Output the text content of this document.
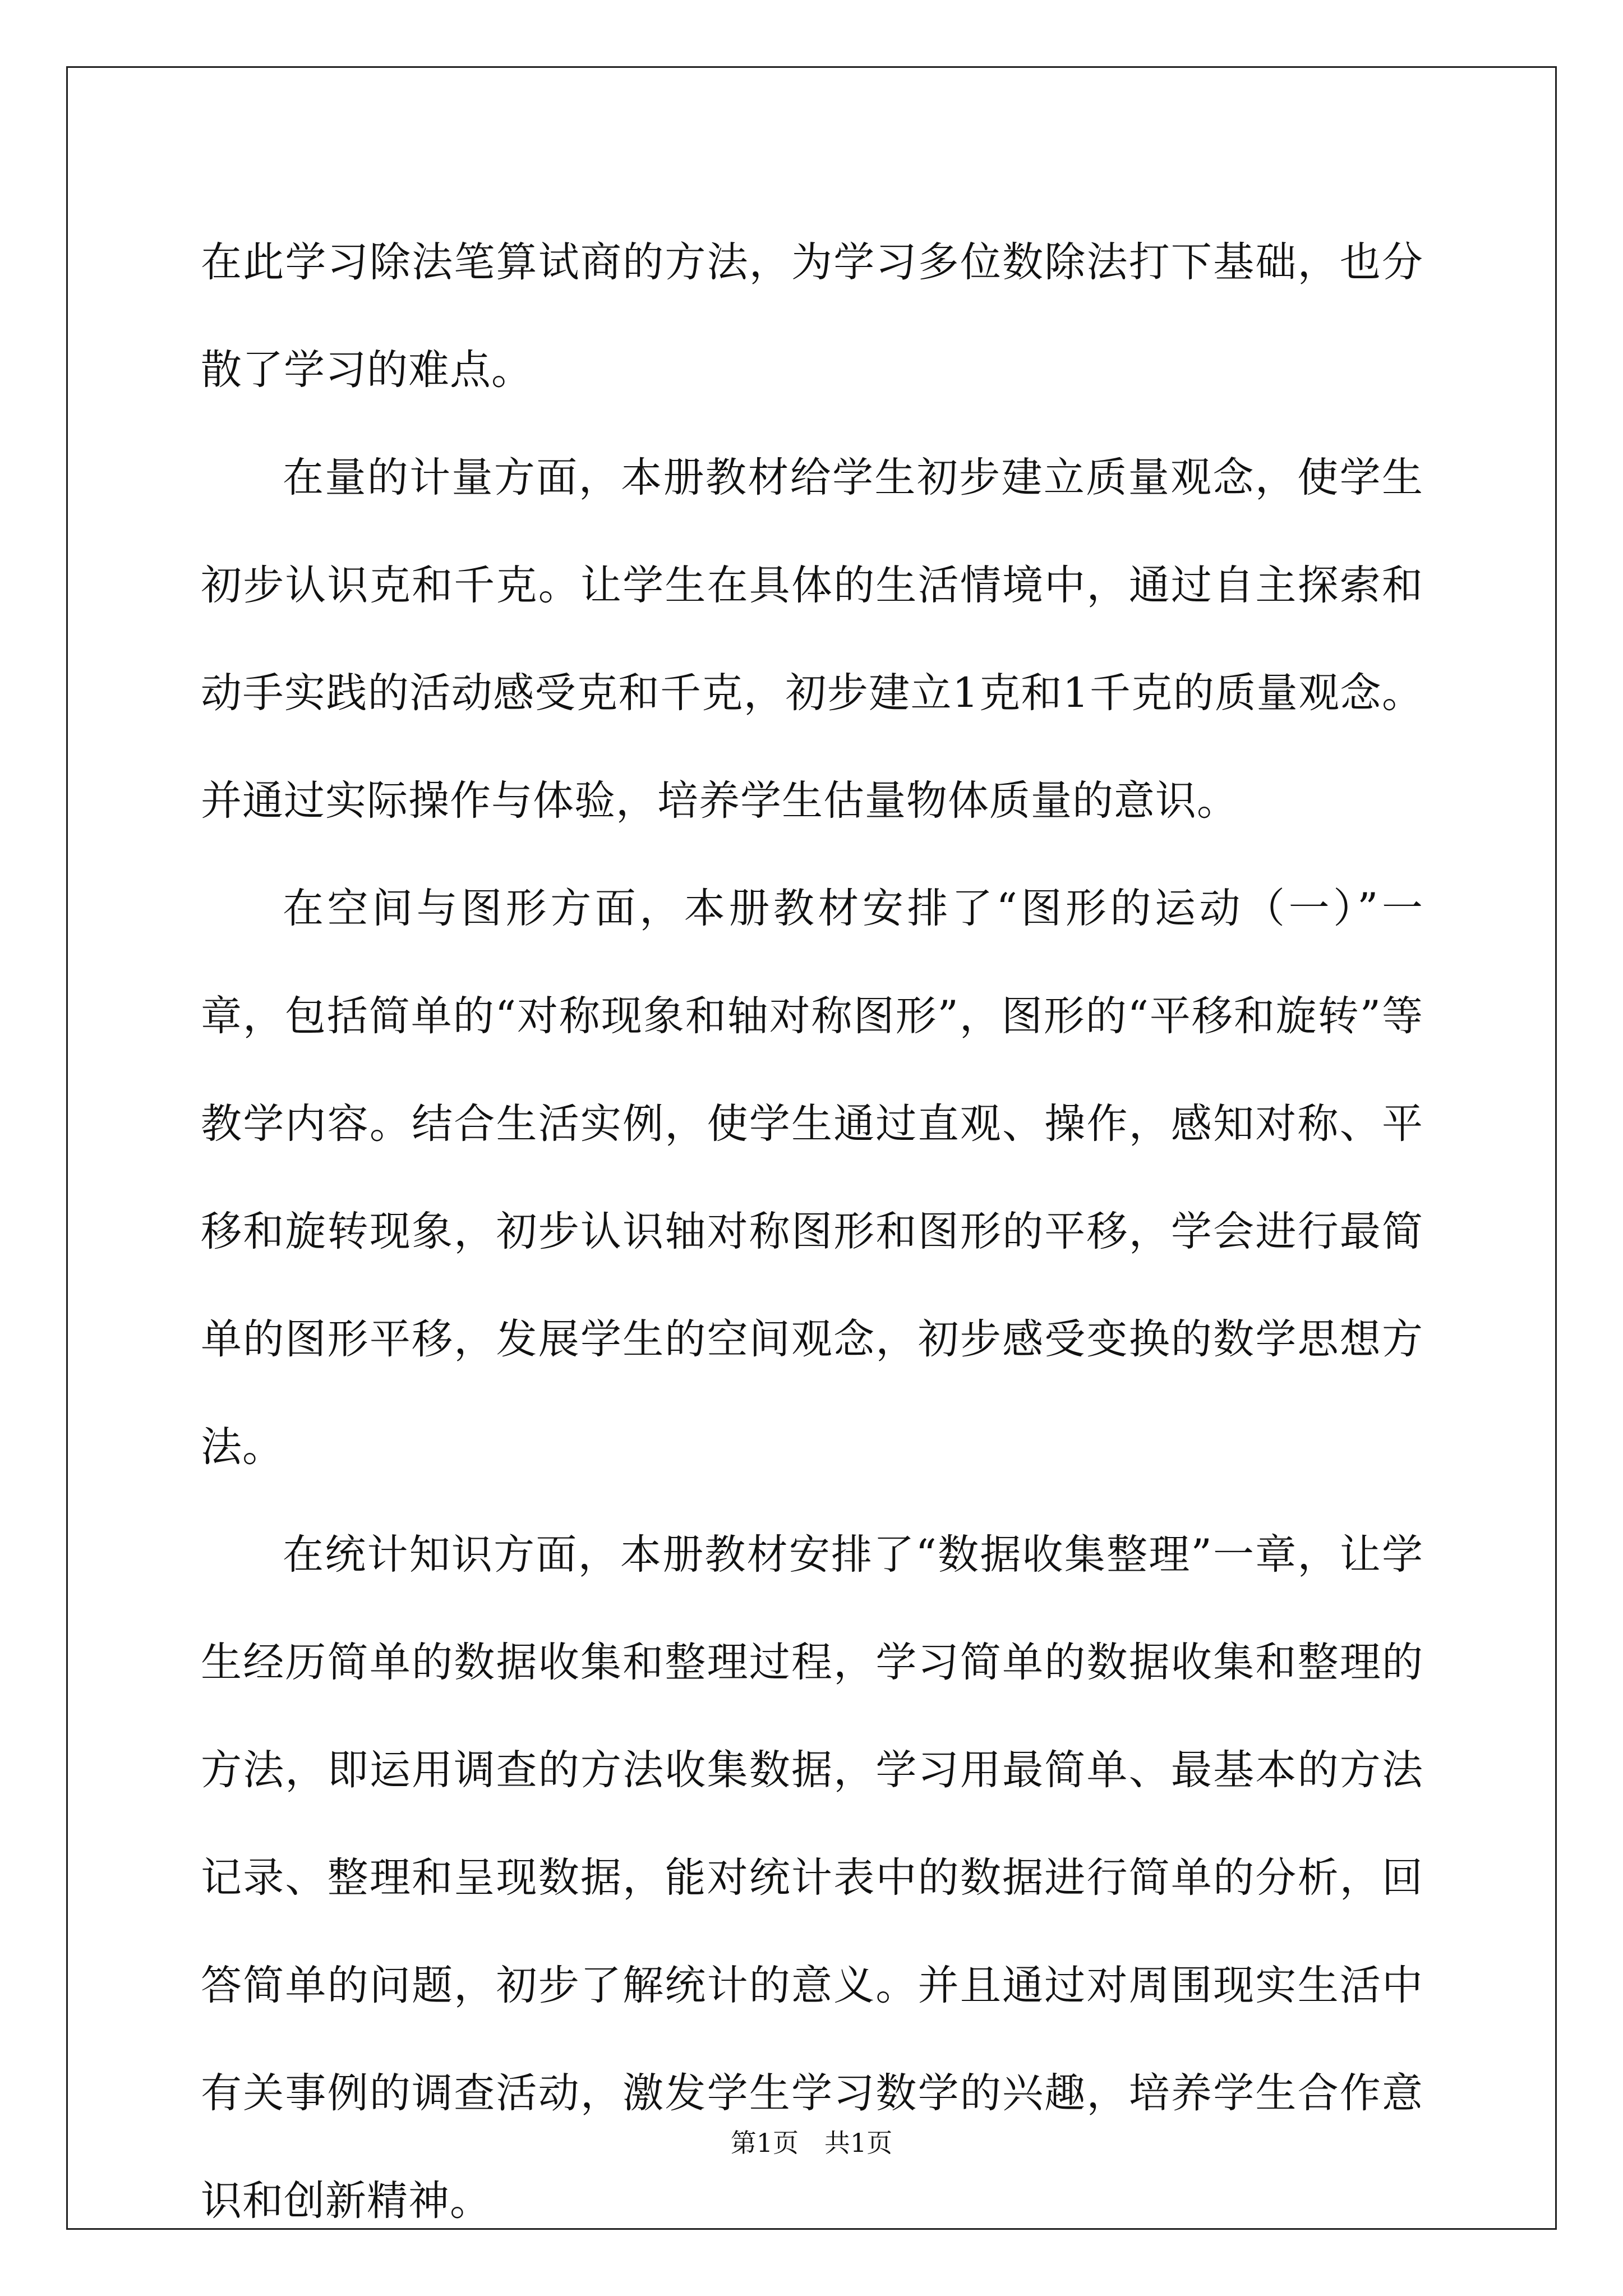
在此学习除法笔算试商的方法，为学习多位数除法打下基础，也分散了学习的难点。

在量的计量方面，本册教材给学生初步建立质量观念，使学生初步认识克和千克。让学生在具体的生活情境中，通过自主探索和动手实践的活动感受克和千克，初步建立1克和1千克的质量观念。并通过实际操作与体验，培养学生估量物体质量的意识。

在空间与图形方面，本册教材安排了“图形的运动（一）”一章，包括简单的“对称现象和轴对称图形”，图形的“平移和旋转”等教学内容。结合生活实例，使学生通过直观、操作，感知对称、平移和旋转现象，初步认识轴对称图形和图形的平移，学会进行最简单的图形平移，发展学生的空间观念，初步感受变换的数学思想方法。

在统计知识方面，本册教材安排了“数据收集整理”一章，让学生经历简单的数据收集和整理过程，学习简单的数据收集和整理的方法，即运用调查的方法收集数据，学习用最简单、最基本的方法记录、整理和呈现数据，能对统计表中的数据进行简单的分析，回答简单的问题，初步了解统计的意义。并且通过对周围现实生活中有关事例的调查活动，激发学生学习数学的兴趣，培养学生合作意识和创新精神。

第1页　共1页
